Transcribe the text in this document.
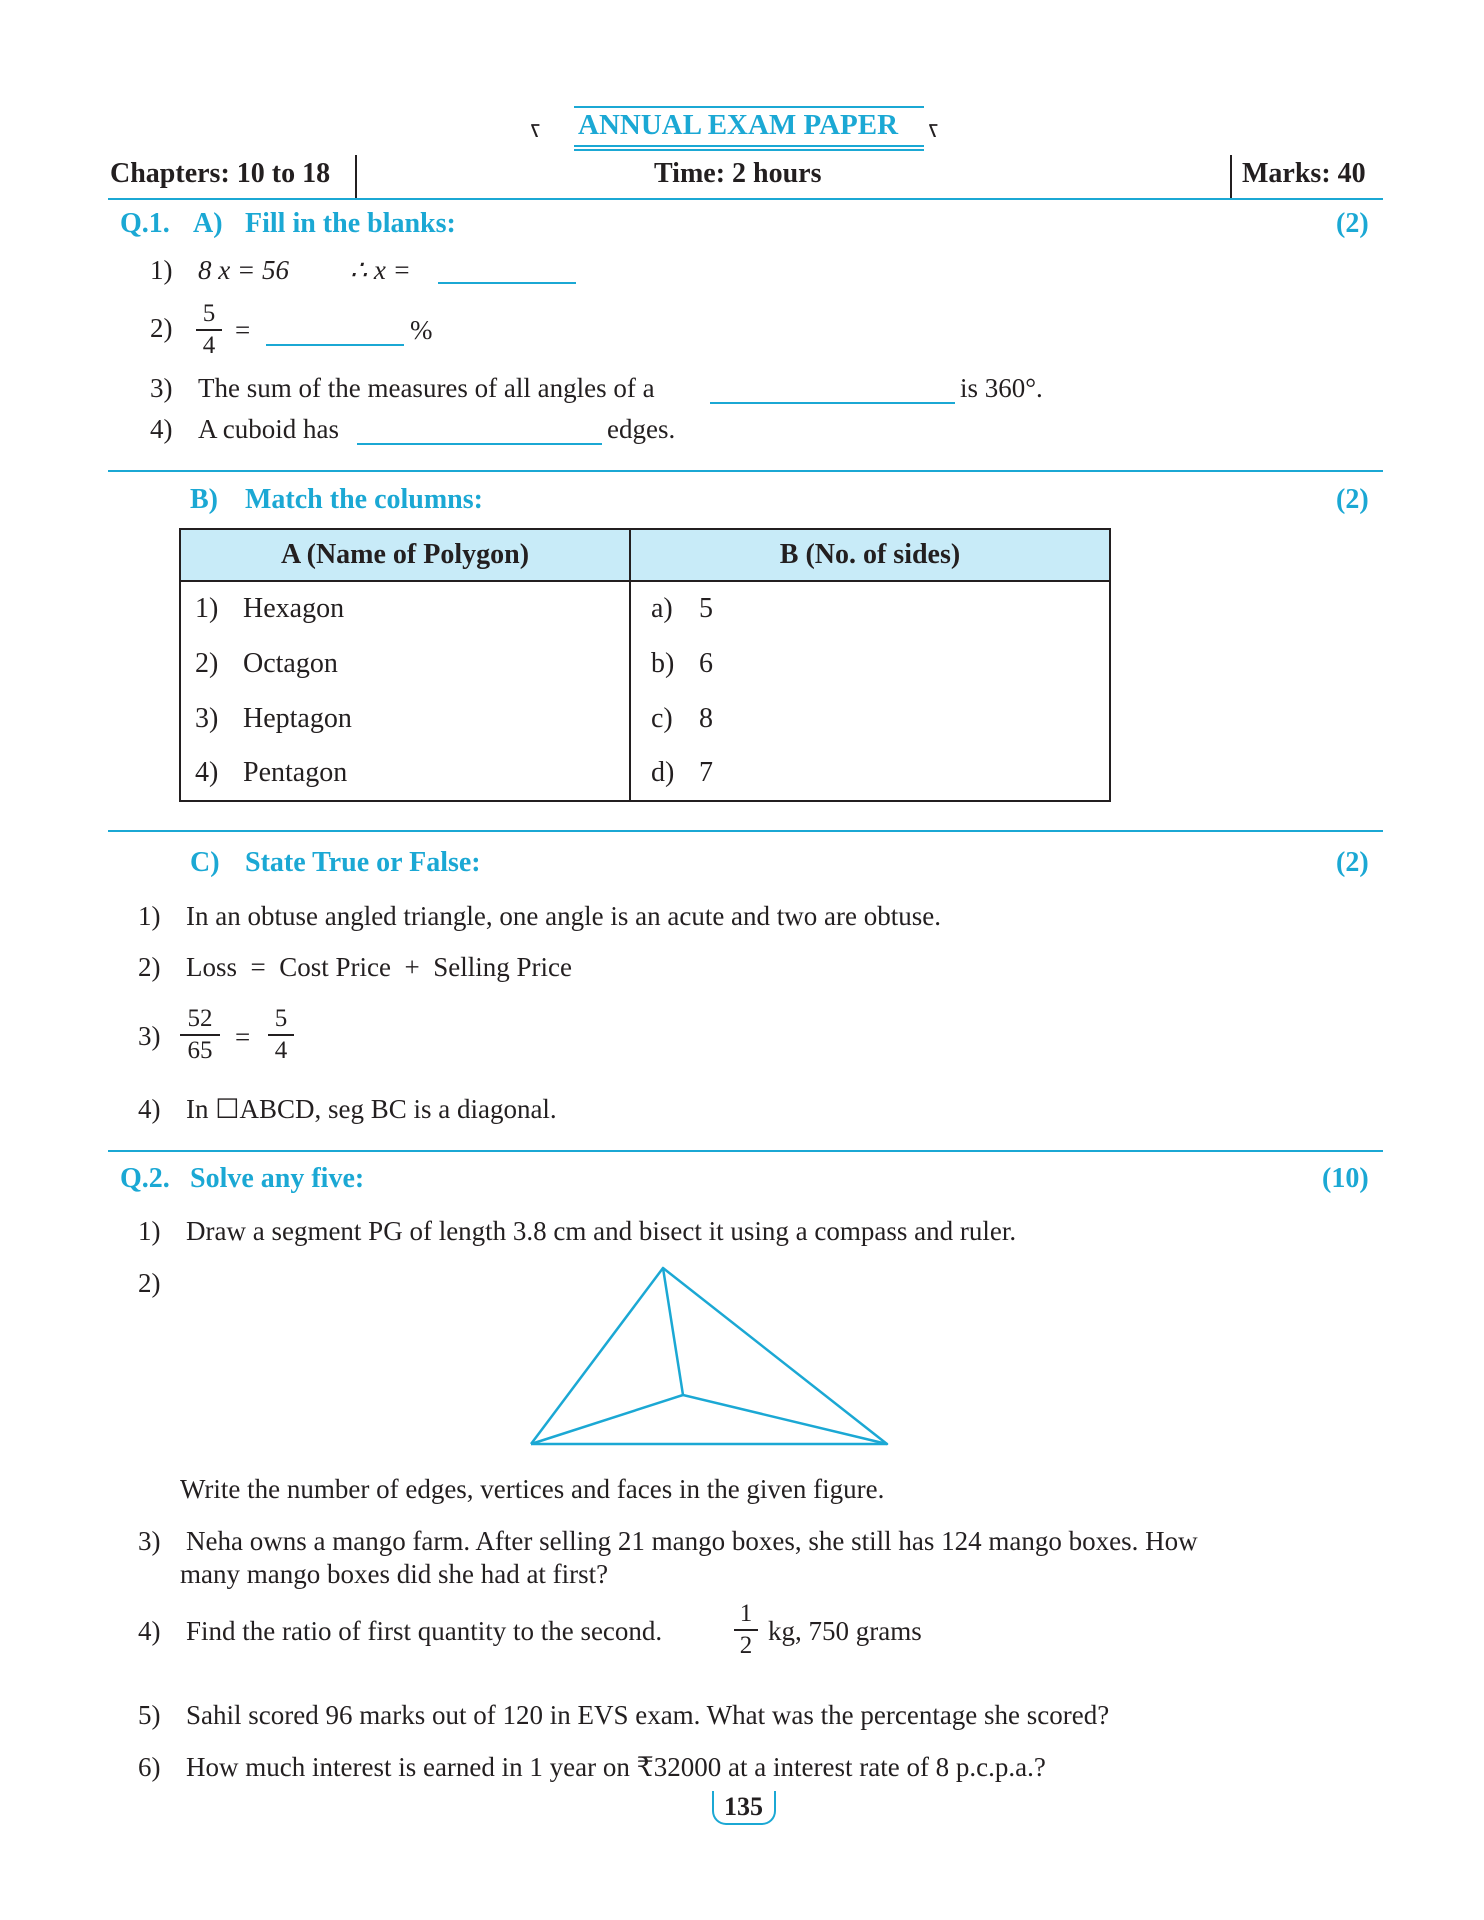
ꧏ ANNUAL EXAM PAPER ꧏ
Chapters: 10 to 18	Time: 2 hours	Marks: 40
Q.1. A) Fill in the blanks:	(2)
1) 8 x = 56 ∴ x =
2) 5
4 =	%
3) The sum of the measures of all angles of a	is 360°.
4) A cuboid has	edges.
B) Match the columns:	(2)
A (Name of Polygon)	B (No. of sides)
1) Hexagon	a) 5
2) Octagon	b) 6
3) Heptagon	c) 8
4) Pentagon	d) 7
C) State True or False:	(2)
1) In an obtuse angled triangle, one angle is an acute and two are obtuse.
2) Loss  =  Cost Price  +  Selling Price
3)
52
65 =
5
4
4) In ☐ABCD, seg BC is a diagonal.
Q.2. Solve any five:	(10)
1) Draw a segment PG of length 3.8 cm and bisect it using a compass and ruler.
2)
Write the number of edges, vertices and faces in the given figure.
3) Neha owns a mango farm. After selling 21 mango boxes, she still has 124 mango boxes. How
many mango boxes did she had at first?
4) Find the ratio of first quantity to the second.
1
2 kg, 750 grams
5) Sahil scored 96 marks out of 120 in EVS exam. What was the percentage she scored?
6) How much interest is earned in 1 year on ₹32000 at a interest rate of 8 p.c.p.a.?
135
